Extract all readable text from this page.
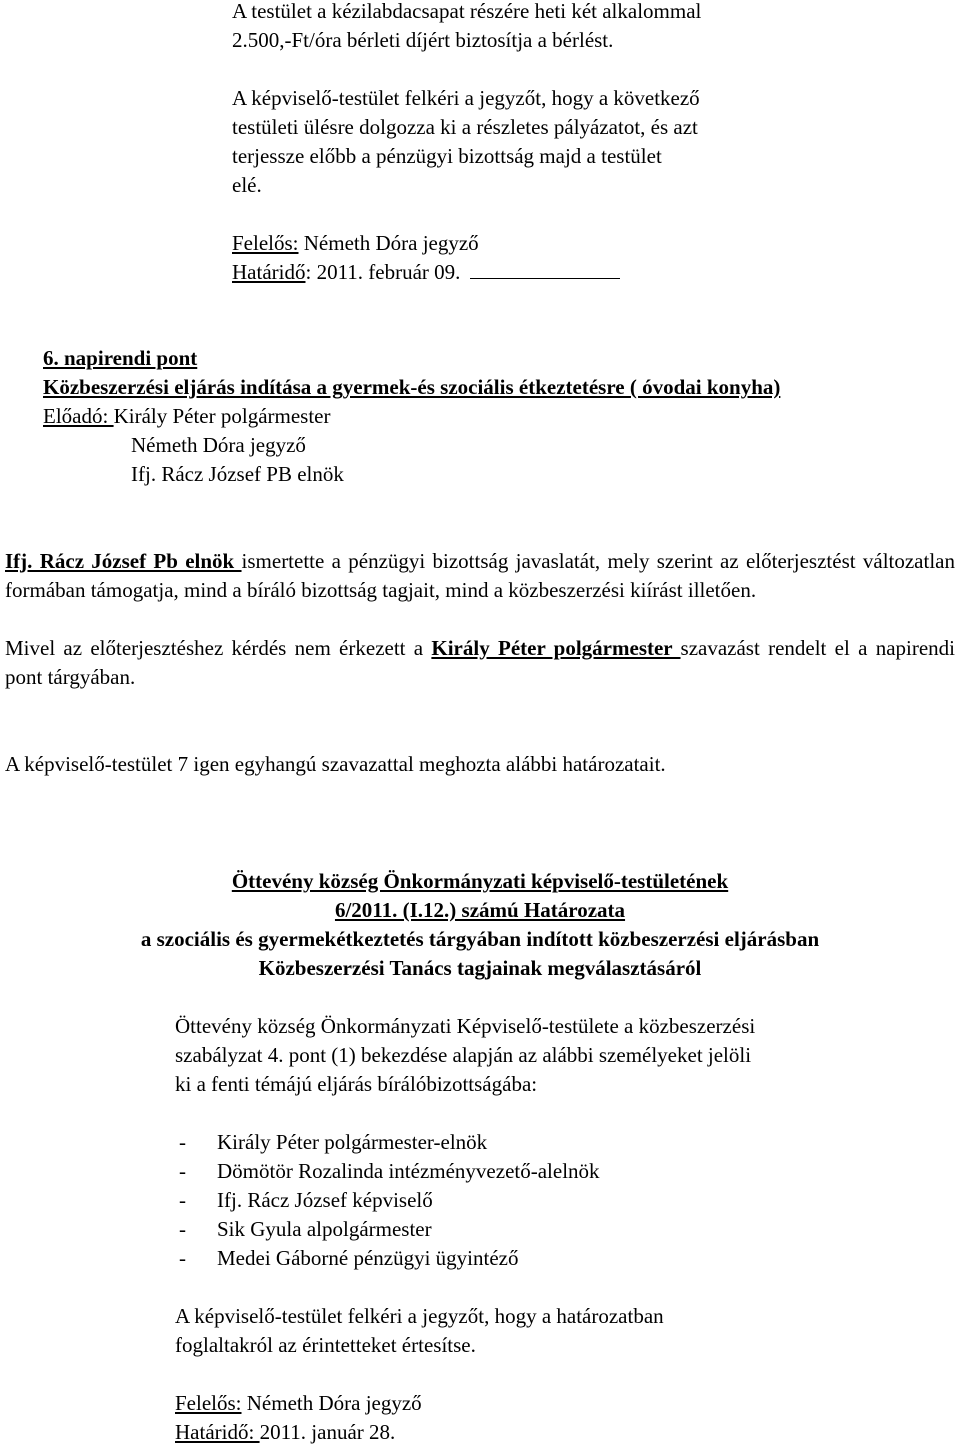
A testület a kézilabdacsapat részére heti két alkalommal
2.500,-Ft/óra bérleti díjért biztosítja a bérlést.

A képviselő-testület felkéri a jegyzőt, hogy a következő
testületi ülésre dolgozza ki a részletes pályázatot, és azt
terjessze előbb a pénzügyi bizottság majd a testület
elé.

Felelős: Németh Dóra jegyző

Határidő: 2011. február 09.

6. napirendi pont

Közbeszerzési eljárás indítása a gyermek-és szociális étkeztetésre ( óvodai konyha)

Előadó: Király Péter polgármester

Németh Dóra jegyző

Ifj. Rácz József PB elnök

Ifj. Rácz József Pb elnök ismertette a pénzügyi bizottság javaslatát, mely szerint az előterjesztést változatlan formában támogatja, mind a bíráló bizottság tagjait, mind a közbeszerzési kiírást illetően.

Mivel az előterjesztéshez kérdés nem érkezett a Király Péter polgármester szavazást rendelt el a napirendi pont tárgyában.

A képviselő-testület 7 igen egyhangú szavazattal meghozta alábbi határozatait.

Öttevény község Önkormányzati képviselő-testületének

6/2011. (I.12.) számú Határozata

a szociális és gyermekétkeztetés tárgyában indított közbeszerzési eljárásban

Közbeszerzési Tanács tagjainak megválasztásáról

Öttevény község Önkormányzati Képviselő-testülete a közbeszerzési
szabályzat 4. pont (1) bekezdése alapján az alábbi személyeket jelöli
ki a fenti témájú eljárás bírálóbizottságába:

- Király Péter polgármester-elnök
- Dömötör Rozalinda intézményvezető-alelnök
- Ifj. Rácz József képviselő
- Sik Gyula alpolgármester
- Medei Gáborné pénzügyi ügyintéző

A képviselő-testület felkéri a jegyzőt, hogy a határozatban
foglaltakról az érintetteket értesítse.

Felelős: Németh Dóra jegyző

Határidő: 2011. január 28.
